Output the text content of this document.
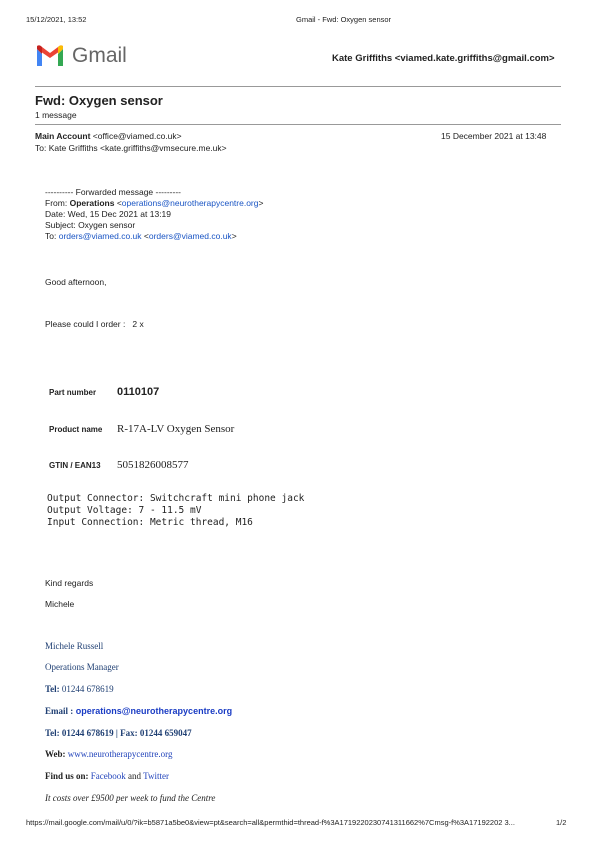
15/12/2021, 13:52	Gmail - Fwd: Oxygen sensor
Gmail	Kate Griffiths <viamed.kate.griffiths@gmail.com>
Fwd: Oxygen sensor
1 message
Main Account <office@viamed.co.uk>	15 December 2021 at 13:48
To: Kate Griffiths <kate.griffiths@vmsecure.me.uk>
---------- Forwarded message ---------
From: Operations <operations@neurotherapycentre.org>
Date: Wed, 15 Dec 2021 at 13:19
Subject: Oxygen sensor
To: orders@viamed.co.uk <orders@viamed.co.uk>
Good afternoon,
Please could I order : 2 x
Part number 0110107
Product name R-17A-LV Oxygen Sensor
GTIN / EAN13 5051826008577
Output Connector: Switchcraft mini phone jack
Output Voltage: 7 - 11.5 mV
Input Connection: Metric thread, M16
Kind regards
Michele
Michele Russell
Operations Manager
Tel: 01244 678619
Email : operations@neurotherapycentre.org
Tel: 01244 678619 | Fax: 01244 659047
Web: www.neurotherapycentre.org
Find us on: Facebook and Twitter
It costs over £9500 per week to fund the Centre
https://mail.google.com/mail/u/0/?ik=b5871a5be0&view=pt&search=all&permthid=thread-f%3A1719220230741311662%7Cmsg-f%3A17192202 3...	1/2
